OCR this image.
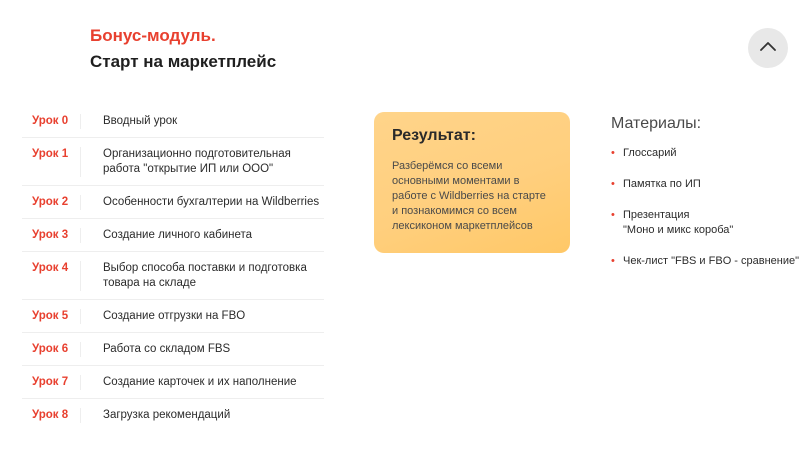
Бонус-модуль.
Старт на маркетплейс
Урок 0	Вводный урок
Урок 1	Организационно подготовительная работа "открытие ИП или ООО"
Урок 2	Особенности бухгалтерии на Wildberries
Урок 3	Создание личного кабинета
Урок 4	Выбор способа поставки и подготовка товара на складе
Урок 5	Создание отгрузки на FBO
Урок 6	Работа со складом FBS
Урок 7	Создание карточек и их наполнение
Урок 8	Загрузка рекомендаций
Результат:
Разберёмся со всеми основными моментами в работе с Wildberries на старте и познакомимся со всем лексиконом маркетплейсов
Материалы:
• Глоссарий
• Памятка по ИП
• Презентация
"Моно и микс короба"
• Чек-лист "FBS и FBO - сравнение"
